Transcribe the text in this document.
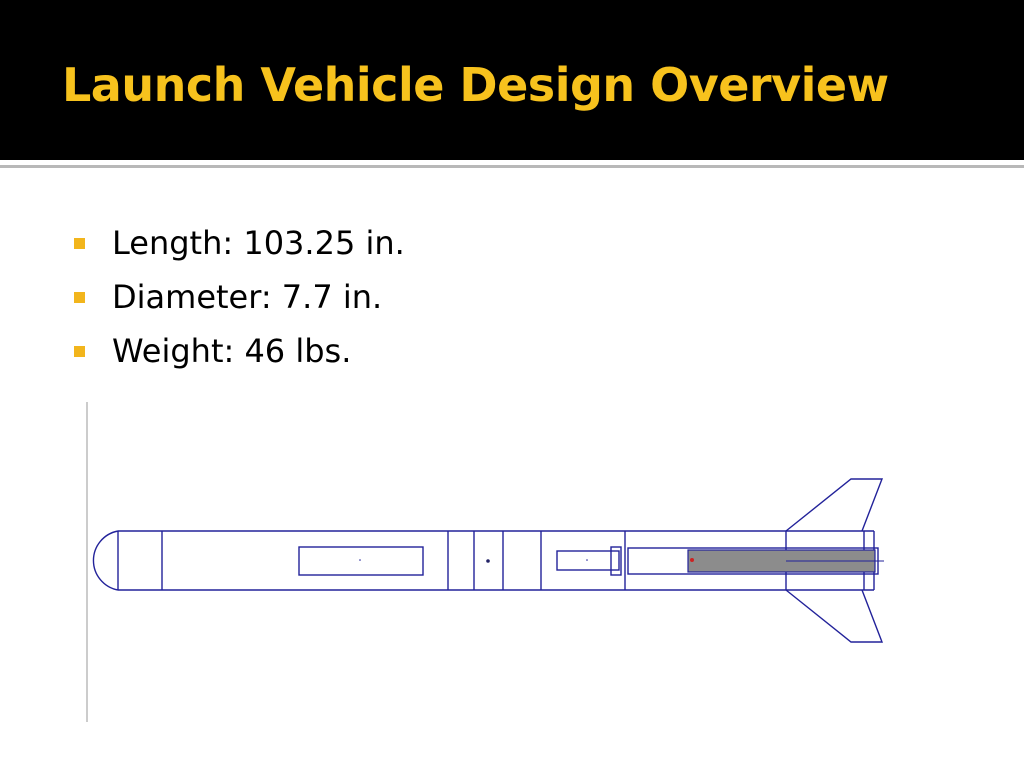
Launch Vehicle Design Overview
Length: 103.25 in.
Diameter: 7.7 in.
Weight: 46 lbs.
